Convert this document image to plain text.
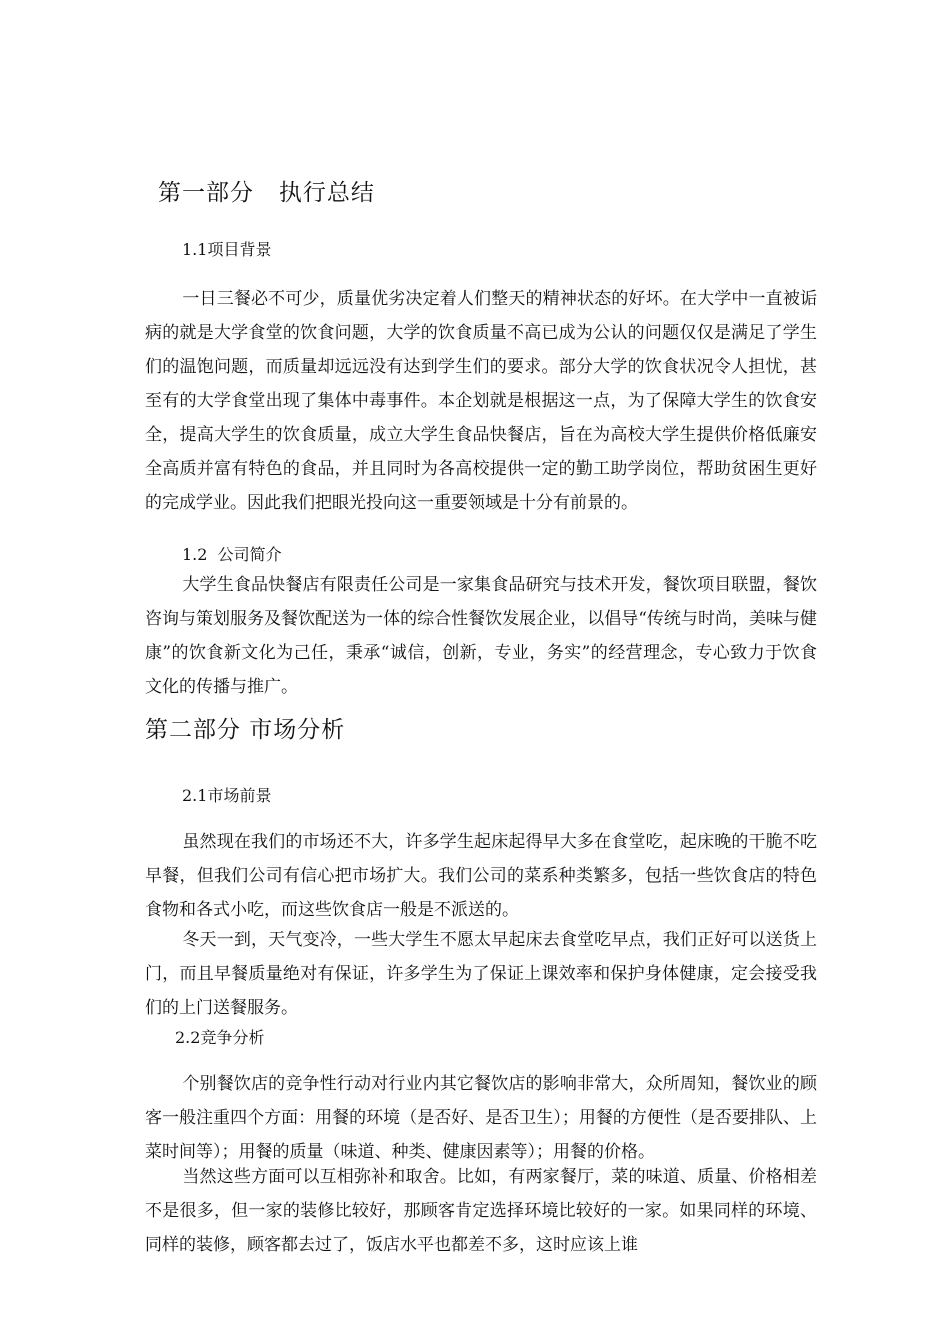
第一部分   执行总结
1.1项目背景

一日三餐必不可少，质量优劣决定着人们整天的精神状态的好坏。在大学中一直被诟病的就是大学食堂的饮食问题，大学的饮食质量不高已成为公认的问题仅仅是满足了学生们的温饱问题，而质量却远远没有达到学生们的要求。部分大学的饮食状况令人担忧，甚至有的大学食堂出现了集体中毒事件。本企划就是根据这一点，为了保障大学生的饮食安全，提高大学生的饮食质量，成立大学生食品快餐店，旨在为高校大学生提供价格低廉安全高质并富有特色的食品，并且同时为各高校提供一定的勤工助学岗位，帮助贫困生更好的完成学业。因此我们把眼光投向这一重要领域是十分有前景的。

1.2  公司简介

大学生食品快餐店有限责任公司是一家集食品研究与技术开发，餐饮项目联盟，餐饮咨询与策划服务及餐饮配送为一体的综合性餐饮发展企业，以倡导“传统与时尚，美味与健康”的饮食新文化为己任，秉承“诚信，创新，专业，务实”的经营理念，专心致力于饮食文化的传播与推广。

第二部分 市场分析
2.1市场前景

虽然现在我们的市场还不大，许多学生起床起得早大多在食堂吃，起床晚的干脆不吃早餐，但我们公司有信心把市场扩大。我们公司的菜系种类繁多，包括一些饮食店的特色食物和各式小吃，而这些饮食店一般是不派送的。

冬天一到，天气变冷，一些大学生不愿太早起床去食堂吃早点，我们正好可以送货上门，而且早餐质量绝对有保证，许多学生为了保证上课效率和保护身体健康，定会接受我们的上门送餐服务。

2.2竞争分析

个别餐饮店的竞争性行动对行业内其它餐饮店的影响非常大，众所周知，餐饮业的顾客一般注重四个方面：用餐的环境（是否好、是否卫生）；用餐的方便性（是否要排队、上菜时间等）；用餐的质量（味道、种类、健康因素等）；用餐的价格。

当然这些方面可以互相弥补和取舍。比如，有两家餐厅，菜的味道、质量、价格相差不是很多，但一家的装修比较好，那顾客肯定选择环境比较好的一家。如果同样的环境、同样的装修，顾客都去过了，饭店水平也都差不多，这时应该上谁
